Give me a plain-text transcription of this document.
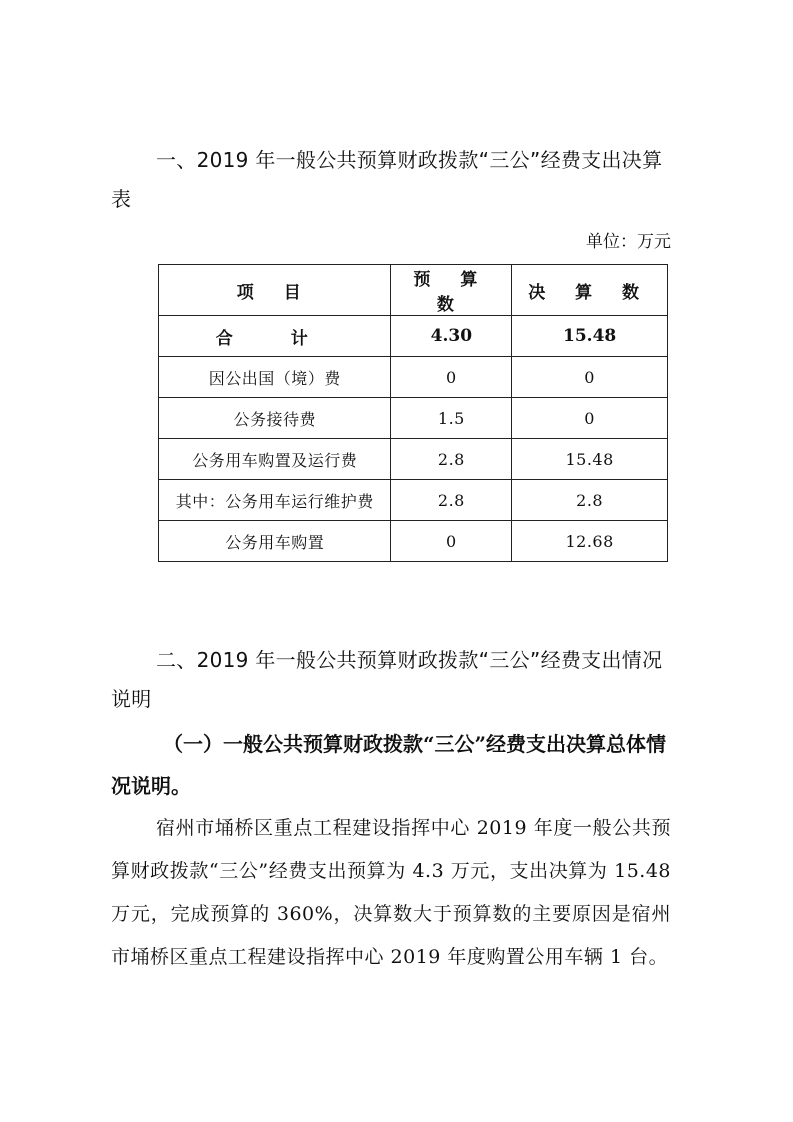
一、2019 年一般公共预算财政拨款“三公”经费支出决算表

单位：万元
项 目	预 算 数	决 算 数
合 计	4.30	15.48
因公出国（境）费	0	0
公务接待费	1.5	0
公务用车购置及运行费	2.8	15.48
其中：公务用车运行维护费	2.8	2.8
公务用车购置	0	12.68

二、2019 年一般公共预算财政拨款“三公”经费支出情况说明

（一）一般公共预算财政拨款“三公”经费支出决算总体情况说明。

宿州市埇桥区重点工程建设指挥中心 2019 年度一般公共预算财政拨款“三公”经费支出预算为 4.3 万元，支出决算为 15.48 万元，完成预算的 360%，决算数大于预算数的主要原因是宿州市埇桥区重点工程建设指挥中心 2019 年度购置公用车辆 1 台。
